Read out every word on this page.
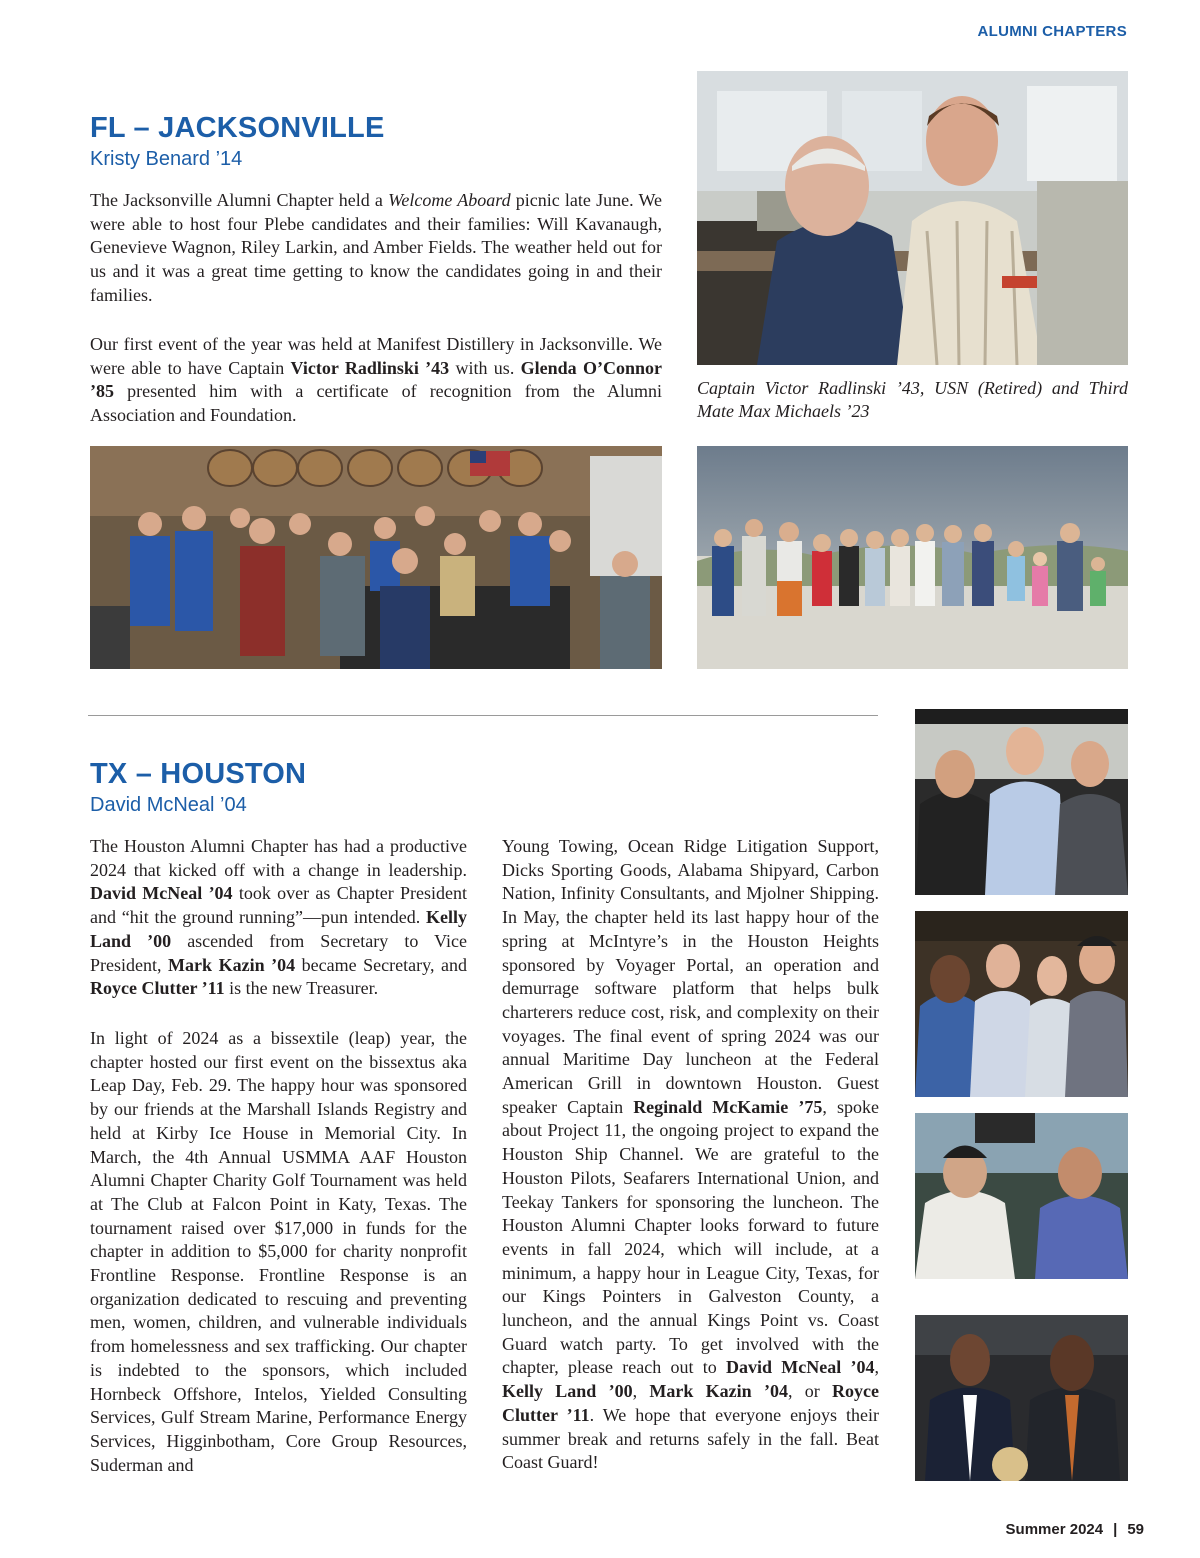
ALUMNI CHAPTERS
FL – JACKSONVILLE
Kristy Benard ’14

The Jacksonville Alumni Chapter held a Welcome Aboard picnic late June. We were able to host four Plebe candidates and their families: Will Kavanaugh, Genevieve Wagnon, Riley Larkin, and Amber Fields. The weather held out for us and it was a great time getting to know the candidates going in and their families.

Our first event of the year was held at Manifest Distillery in Jacksonville. We were able to have Captain Victor Radlinski ’43 with us. Glenda O’Connor ’85 presented him with a certificate of recognition from the Alumni Association and Foundation.

Captain Victor Radlinski ’43, USN (Retired) and Third Mate Max Michaels ’23

TX – HOUSTON
David McNeal ’04

The Houston Alumni Chapter has had a productive 2024 that kicked off with a change in leadership. David McNeal ’04 took over as Chapter President and “hit the ground running”—pun intended. Kelly Land ’00 ascended from Secretary to Vice President, Mark Kazin ’04 became Secretary, and Royce Clutter ’11 is the new Treasurer.

In light of 2024 as a bissextile (leap) year, the chapter hosted our first event on the bissextus aka Leap Day, Feb. 29. The happy hour was sponsored by our friends at the Marshall Islands Registry and held at Kirby Ice House in Memorial City. In March, the 4th Annual USMMA AAF Houston Alumni Chapter Charity Golf Tournament was held at The Club at Falcon Point in Katy, Texas. The tournament raised over $17,000 in funds for the chapter in addition to $5,000 for charity nonprofit Frontline Response. Frontline Response is an organization dedicated to rescuing and preventing men, women, children, and vulnerable individuals from homelessness and sex trafficking. Our chapter is indebted to the sponsors, which included Hornbeck Offshore, Intelos, Yielded Consulting Services, Gulf Stream Marine, Performance Energy Services, Higginbotham, Core Group Resources, Suderman and

Young Towing, Ocean Ridge Litigation Support, Dicks Sporting Goods, Alabama Shipyard, Carbon Nation, Infinity Consultants, and Mjolner Shipping. In May, the chapter held its last happy hour of the spring at McIntyre’s in the Houston Heights sponsored by Voyager Portal, an operation and demurrage software platform that helps bulk charterers reduce cost, risk, and complexity on their voyages. The final event of spring 2024 was our annual Maritime Day luncheon at the Federal American Grill in downtown Houston. Guest speaker Captain Reginald McKamie ’75, spoke about Project 11, the ongoing project to expand the Houston Ship Channel. We are grateful to the Houston Pilots, Seafarers International Union, and Teekay Tankers for sponsoring the luncheon. The Houston Alumni Chapter looks forward to future events in fall 2024, which will include, at a minimum, a happy hour in League City, Texas, for our Kings Pointers in Galveston County, a luncheon, and the annual Kings Point vs. Coast Guard watch party. To get involved with the chapter, please reach out to David McNeal ’04, Kelly Land ’00, Mark Kazin ’04, or Royce Clutter ’11. We hope that everyone enjoys their summer break and returns safely in the fall. Beat Coast Guard!

Summer 2024 | 59
